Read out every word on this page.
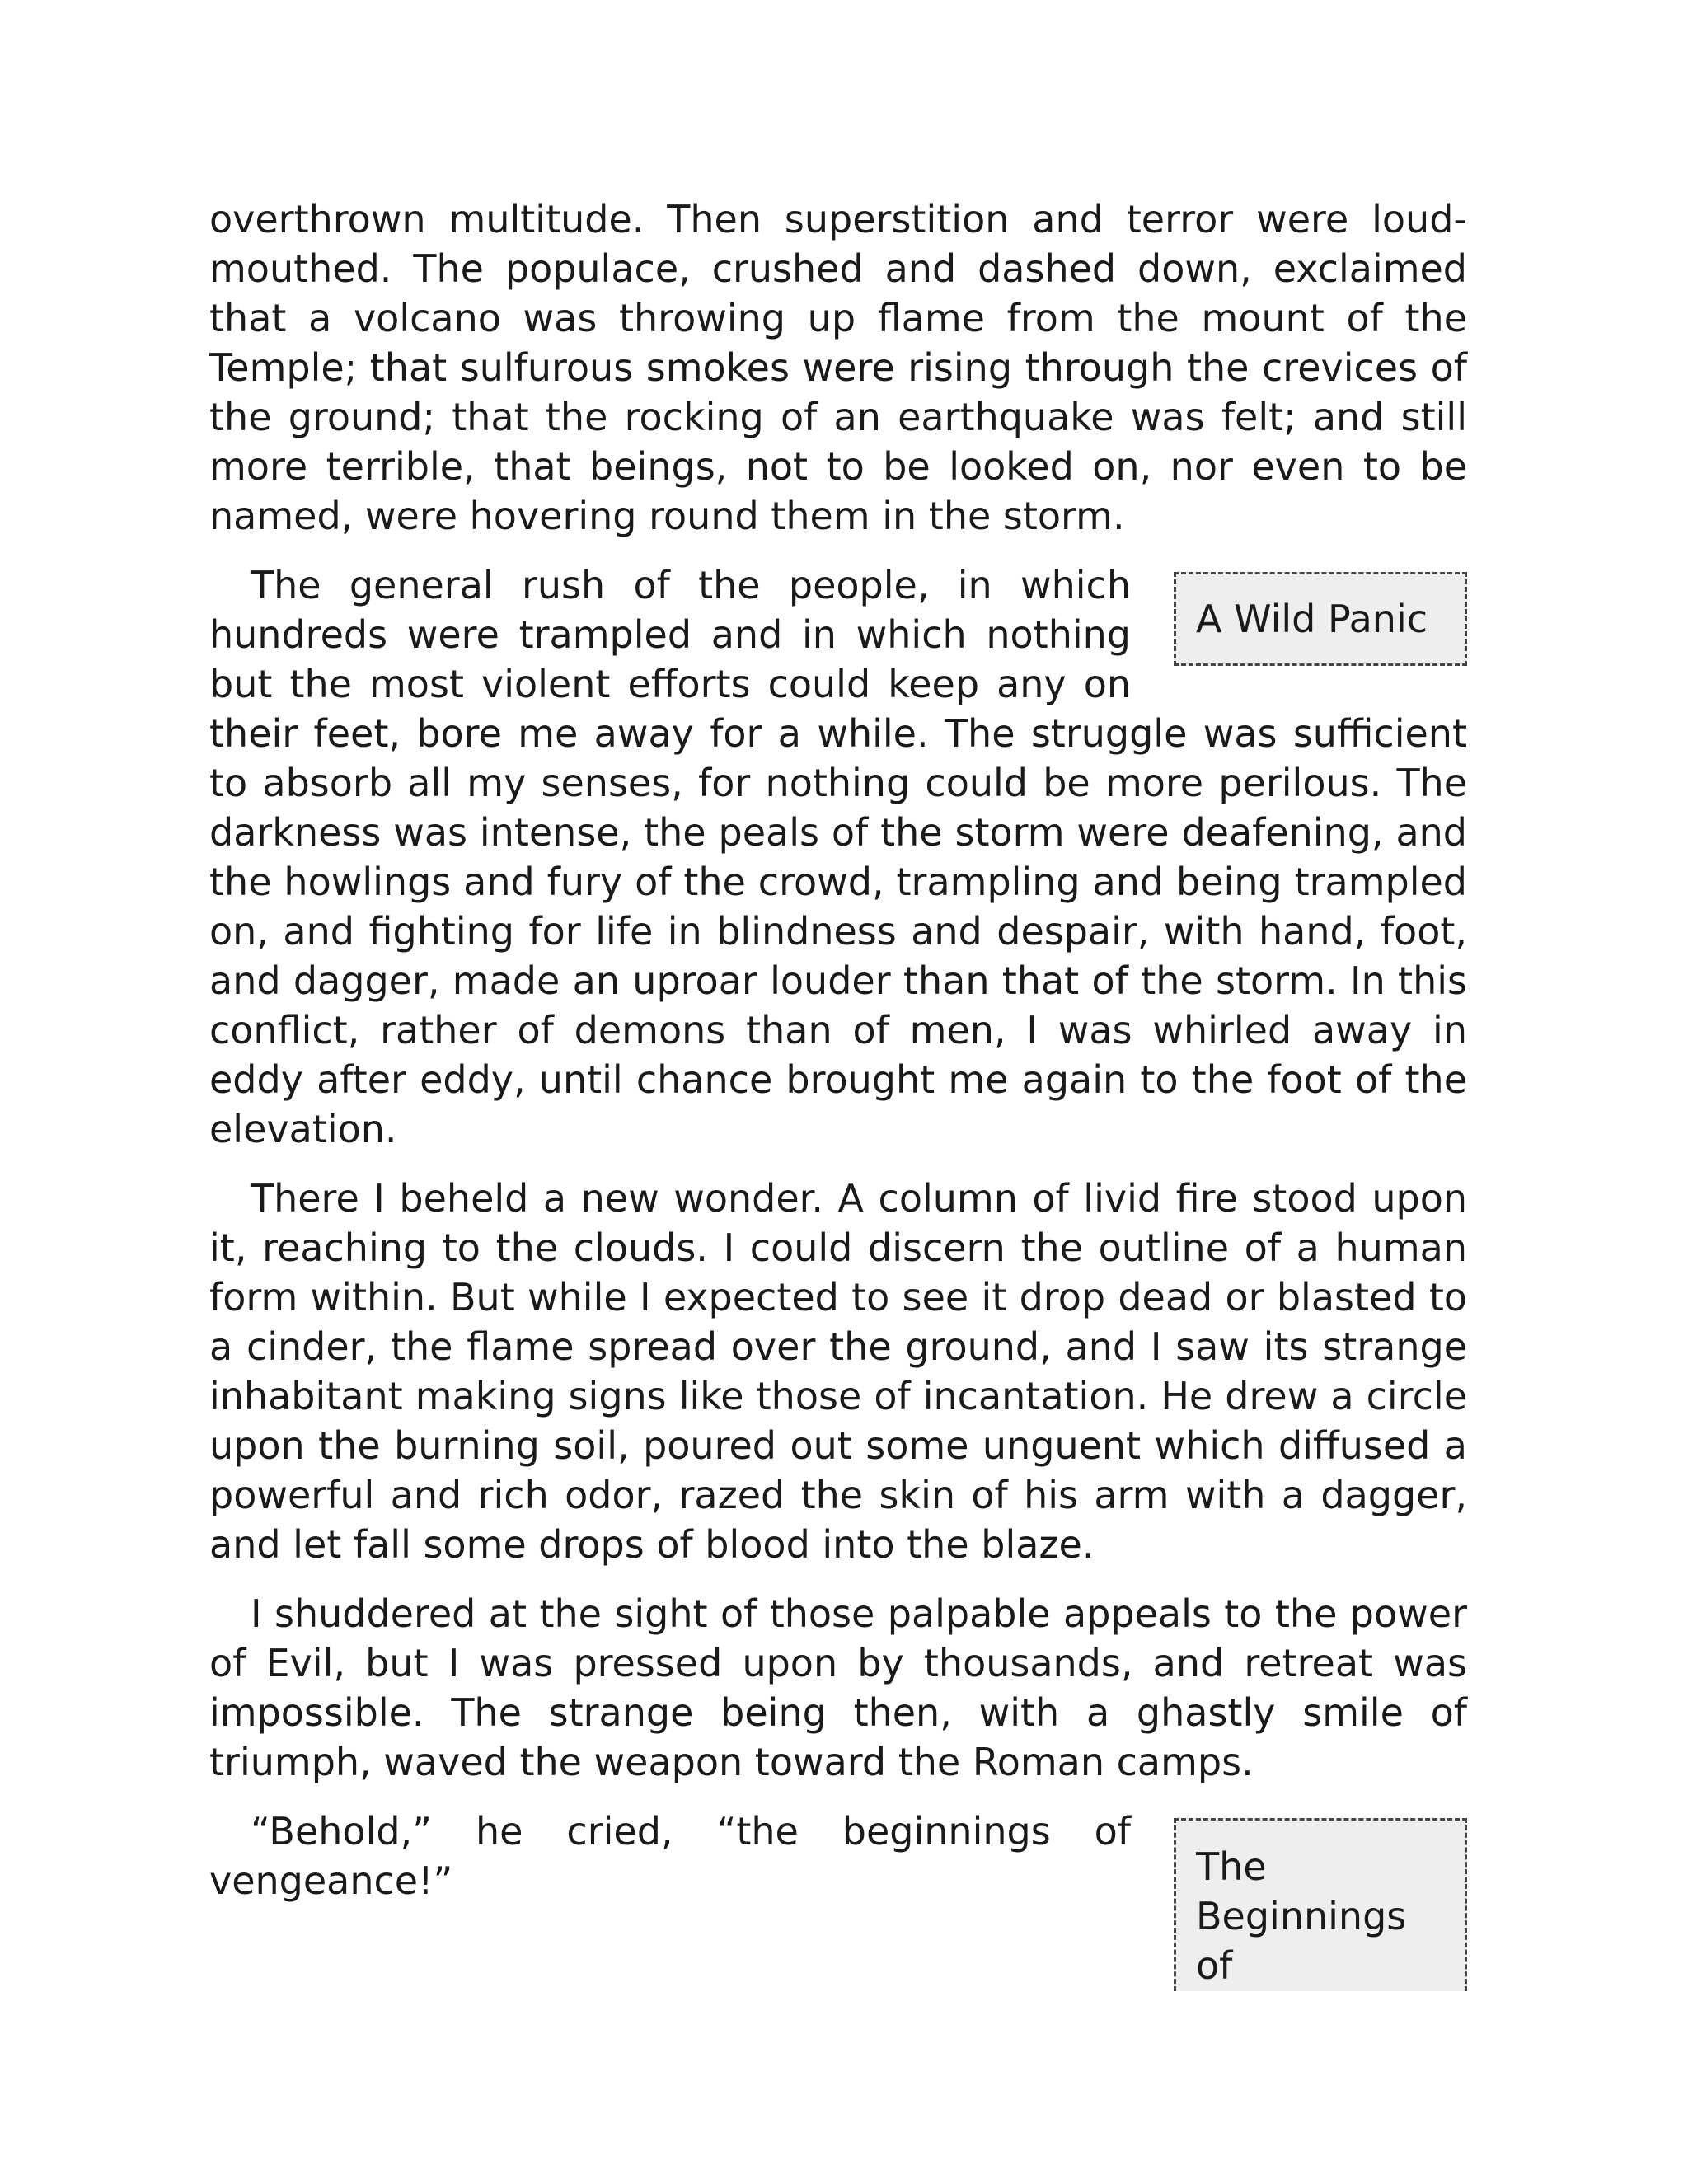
overthrown multitude. Then superstition and terror were loud-mouthed. The populace, crushed and dashed down, exclaimed that a volcano was throwing up flame from the mount of the Temple; that sulfurous smokes were rising through the crevices of the ground; that the rocking of an earthquake was felt; and still more terrible, that beings, not to be looked on, nor even to be named, were hovering round them in the storm.

A Wild Panic
The general rush of the people, in which hundreds were trampled and in which nothing but the most violent efforts could keep any on their feet, bore me away for a while. The struggle was sufficient to absorb all my senses, for nothing could be more perilous. The darkness was intense, the peals of the storm were deafening, and the howlings and fury of the crowd, trampling and being trampled on, and fighting for life in blindness and despair, with hand, foot, and dagger, made an uproar louder than that of the storm. In this conflict, rather of demons than of men, I was whirled away in eddy after eddy, until chance brought me again to the foot of the elevation.

There I beheld a new wonder. A column of livid fire stood upon it, reaching to the clouds. I could discern the outline of a human form within. But while I expected to see it drop dead or blasted to a cinder, the flame spread over the ground, and I saw its strange inhabitant making signs like those of incantation. He drew a circle upon the burning soil, poured out some unguent which diffused a powerful and rich odor, razed the skin of his arm with a dagger, and let fall some drops of blood into the blaze.

I shuddered at the sight of those palpable appeals to the power of Evil, but I was pressed upon by thousands, and retreat was impossible. The strange being then, with a ghastly smile of triumph, waved the weapon toward the Roman camps.

The Beginnings of
“Behold,” he cried, “the beginnings of vengeance!”
